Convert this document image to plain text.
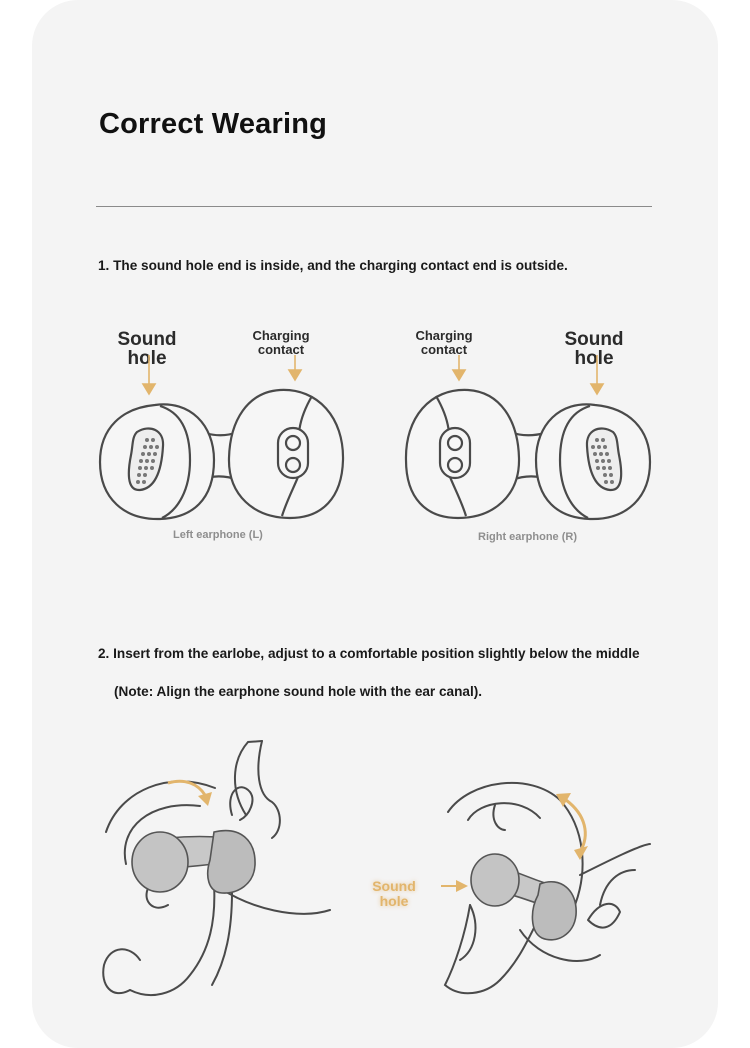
Correct Wearing
1. The sound hole end is inside, and the charging contact end is outside.
Sound
hole
Charging
contact
Charging
contact	Sound
hole
Left earphone (L)	Right earphone (R)
2. Insert from the earlobe, adjust to a comfortable position slightly below the middle
(Note: Align the earphone sound hole with the ear canal).
Sound
hole
